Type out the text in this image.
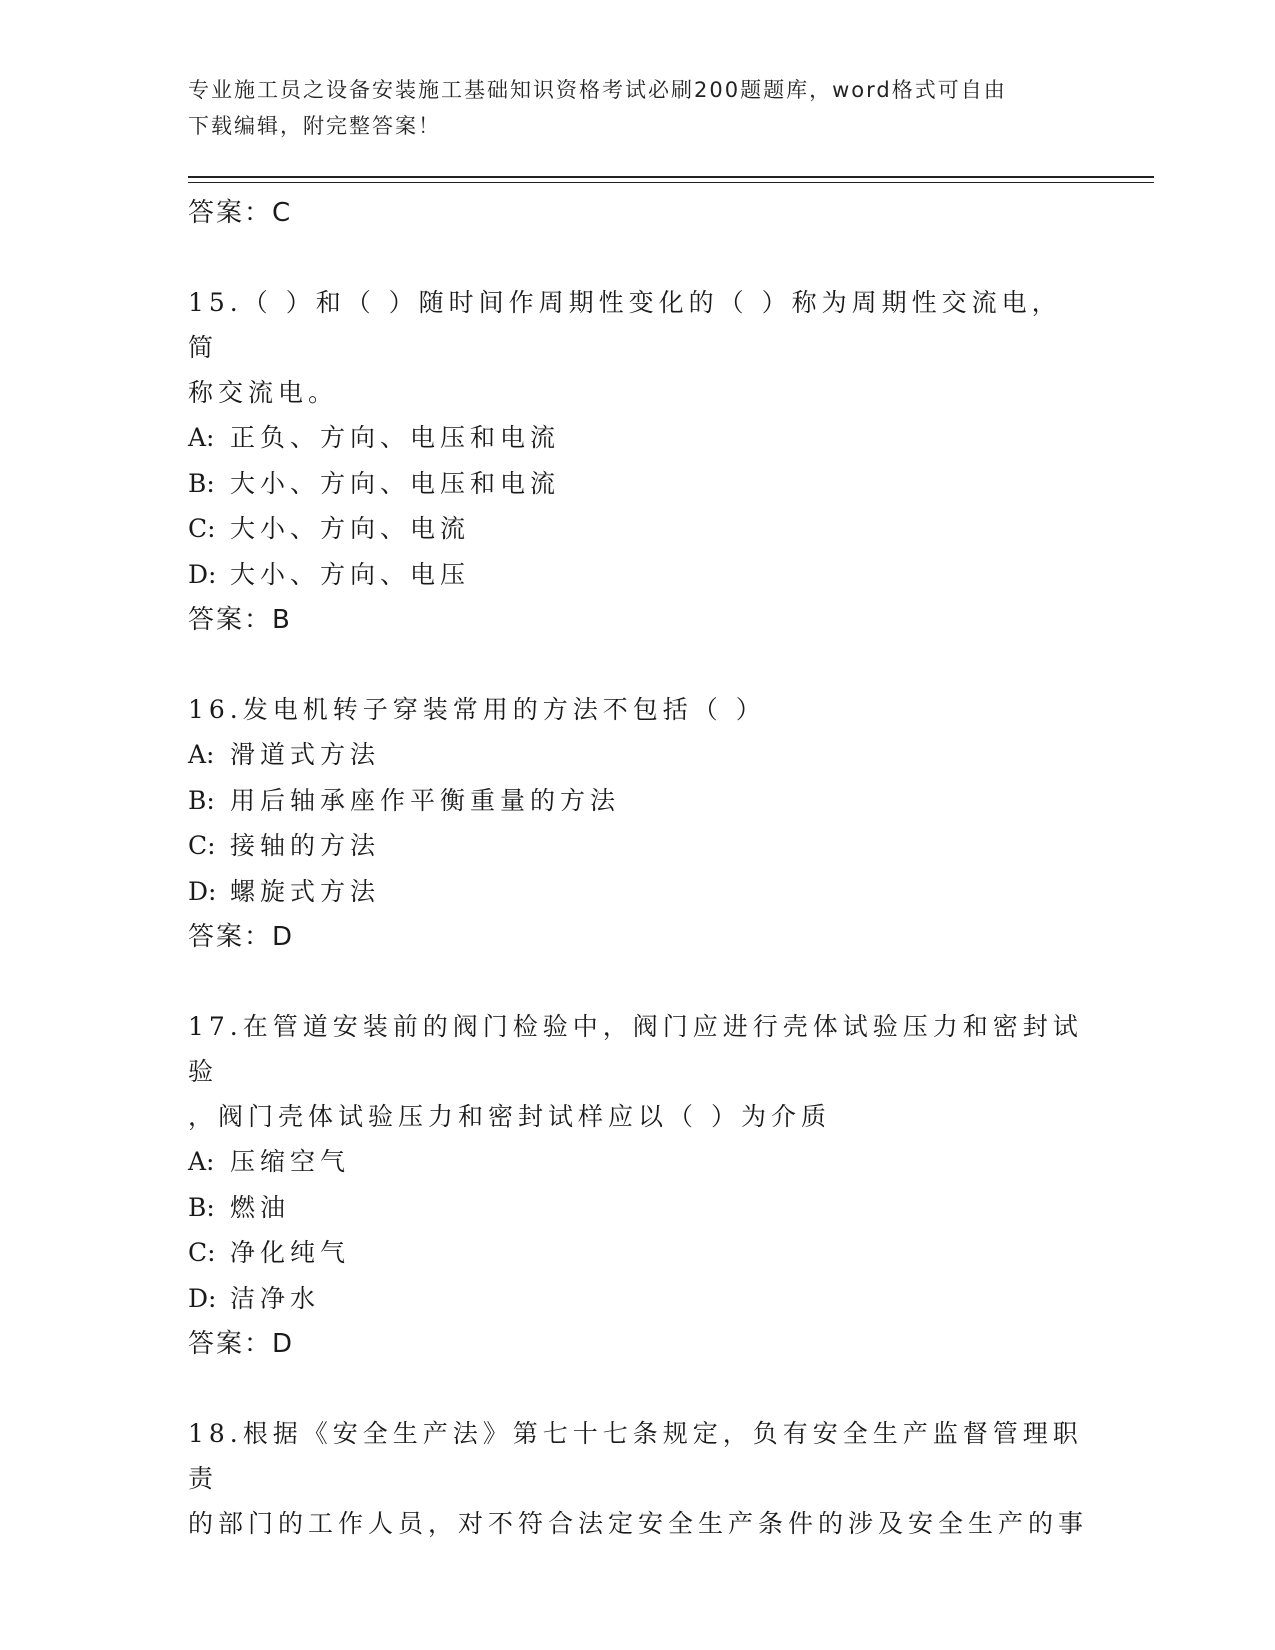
专业施工员之设备安装施工基础知识资格考试必刷200题题库，word格式可自由
下载编辑，附完整答案！
答案：C
15.（ ）和（ ）随时间作周期性变化的（ ）称为周期性交流电，简
称交流电。
A: 正负、方向、电压和电流
B: 大小、方向、电压和电流
C: 大小、方向、电流
D: 大小、方向、电压
答案：B
16.发电机转子穿装常用的方法不包括（ ）
A: 滑道式方法
B: 用后轴承座作平衡重量的方法
C: 接轴的方法
D: 螺旋式方法
答案：D
17.在管道安装前的阀门检验中，阀门应进行壳体试验压力和密封试验
，阀门壳体试验压力和密封试样应以（ ）为介质
A: 压缩空气
B: 燃油
C: 净化纯气
D: 洁净水
答案：D
18.根据《安全生产法》第七十七条规定，负有安全生产监督管理职责
的部门的工作人员，对不符合法定安全生产条件的涉及安全生产的事
